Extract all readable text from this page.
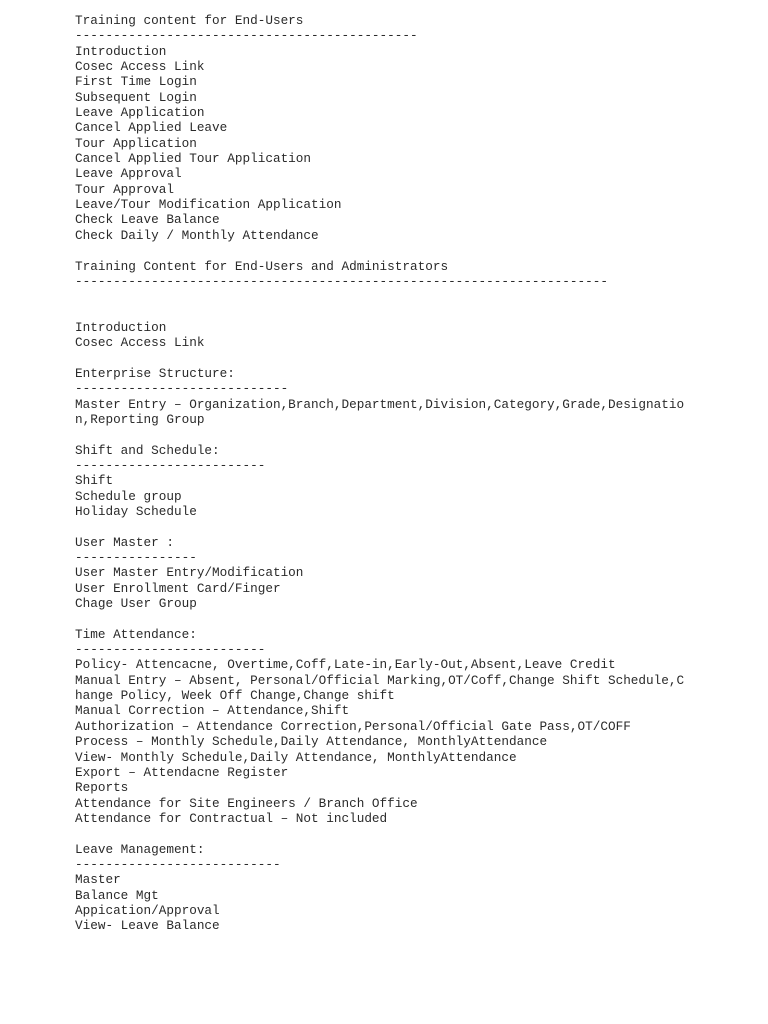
Training content for End-Users
---------------------------------------------
Introduction
Cosec Access Link
First Time Login
Subsequent Login
Leave Application
Cancel Applied Leave
Tour Application
Cancel Applied Tour Application
Leave Approval
Tour Approval
Leave/Tour Modification Application
Check Leave Balance
Check Daily / Monthly Attendance
Training Content for End-Users and Administrators
----------------------------------------------------------------------
Introduction
Cosec Access Link
Enterprise Structure:
----------------------------
Master Entry – Organization,Branch,Department,Division,Category,Grade,Designatio
n,Reporting Group
Shift and Schedule:
-------------------------
Shift
Schedule group
Holiday Schedule
User Master :
----------------
User Master Entry/Modification
User Enrollment Card/Finger
Chage User Group
Time Attendance:
-------------------------
Policy- Attencacne, Overtime,Coff,Late-in,Early-Out,Absent,Leave Credit
Manual Entry – Absent, Personal/Official Marking,OT/Coff,Change Shift Schedule,C
hange Policy, Week Off Change,Change shift
Manual Correction – Attendance,Shift
Authorization – Attendance Correction,Personal/Official Gate Pass,OT/COFF
Process – Monthly Schedule,Daily Attendance, MonthlyAttendance
View- Monthly Schedule,Daily Attendance, MonthlyAttendance
Export – Attendacne Register
Reports
Attendance for Site Engineers / Branch Office
Attendance for Contractual – Not included
Leave Management:
---------------------------
Master
Balance Mgt
Appication/Approval
View- Leave Balance
